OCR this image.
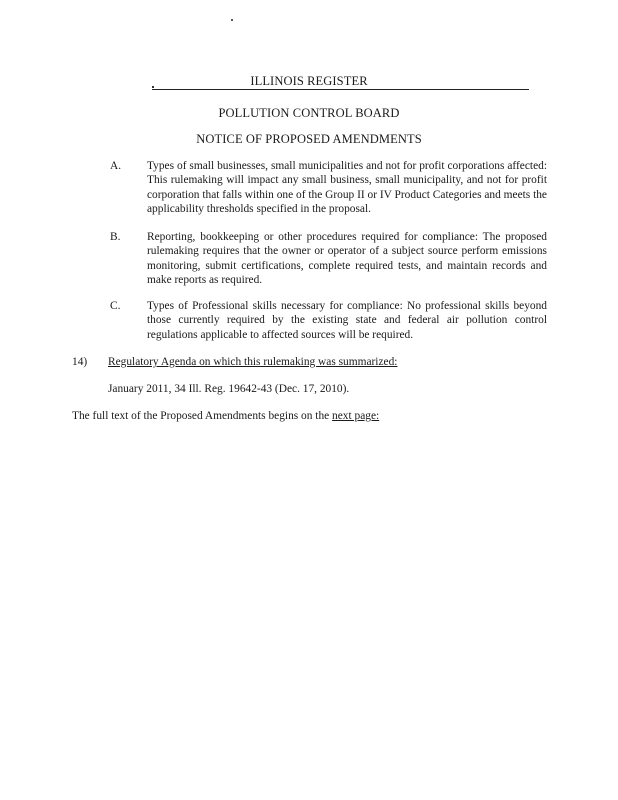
ILLINOIS REGISTER
POLLUTION CONTROL BOARD
NOTICE OF PROPOSED AMENDMENTS
A. Types of small businesses, small municipalities and not for profit corporations affected: This rulemaking will impact any small business, small municipality, and not for profit corporation that falls within one of the Group II or IV Product Categories and meets the applicability thresholds specified in the proposal.
B. Reporting, bookkeeping or other procedures required for compliance: The proposed rulemaking requires that the owner or operator of a subject source perform emissions monitoring, submit certifications, complete required tests, and maintain records and make reports as required.
C. Types of Professional skills necessary for compliance: No professional skills beyond those currently required by the existing state and federal air pollution control regulations applicable to affected sources will be required.
14) Regulatory Agenda on which this rulemaking was summarized:
January 2011, 34 Ill. Reg. 19642-43 (Dec. 17, 2010).
The full text of the Proposed Amendments begins on the next page:
